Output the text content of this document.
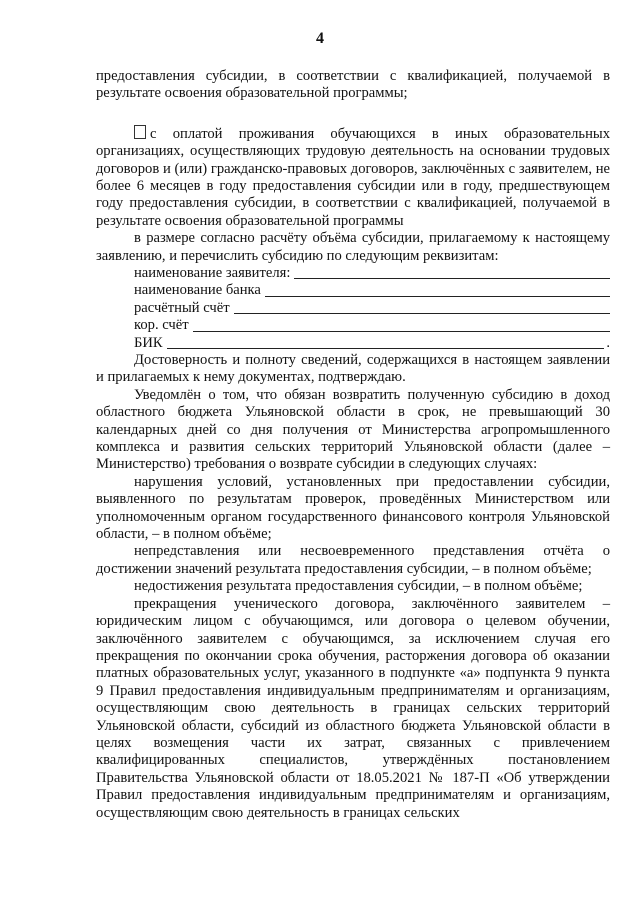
4

предоставления субсидии, в соответствии с квалификацией, получаемой в результате освоения образовательной программы;

с оплатой проживания обучающихся в иных образовательных организациях, осуществляющих трудовую деятельность на основании трудовых договоров и (или) гражданско-правовых договоров, заключённых с заявителем, не более 6 месяцев в году предоставления субсидии или в году, предшествующем году предоставления субсидии, в соответствии с квалификацией, получаемой в результате освоения образовательной программы

в размере согласно расчёту объёма субсидии, прилагаемому к настоящему заявлению, и перечислить субсидию по следующим реквизитам:

наименование заявителя:
наименование банка
расчётный счёт
кор. счёт
БИК	.

Достоверность и полноту сведений, содержащихся в настоящем заявлении и прилагаемых к нему документах, подтверждаю.

Уведомлён о том, что обязан возвратить полученную субсидию в доход областного бюджета Ульяновской области в срок, не превышающий 30 календарных дней со дня получения от Министерства агропромышленного комплекса и развития сельских территорий Ульяновской области (далее – Министерство) требования о возврате субсидии в следующих случаях:

нарушения условий, установленных при предоставлении субсидии, выявленного по результатам проверок, проведённых Министерством или уполномоченным органом государственного финансового контроля Ульяновской области, – в полном объёме;

непредставления или несвоевременного представления отчёта о достижении значений результата предоставления субсидии, – в полном объёме;

недостижения результата предоставления субсидии, – в полном объёме;

прекращения ученического договора, заключённого заявителем – юридическим лицом с обучающимся, или договора о целевом обучении, заключённого заявителем с обучающимся, за исключением случая его прекращения по окончании срока обучения, расторжения договора об оказании платных образовательных услуг, указанного в подпункте «а» подпункта 9 пункта 9 Правил предоставления индивидуальным предпринимателям и организациям, осуществляющим свою деятельность в границах сельских территорий Ульяновской области, субсидий из областного бюджета Ульяновской области в целях возмещения части их затрат, связанных с привлечением квалифицированных специалистов, утверждённых постановлением Правительства Ульяновской области от 18.05.2021 № 187-П «Об утверждении Правил предоставления индивидуальным предпринимателям и организациям, осуществляющим свою деятельность в границах сельских
